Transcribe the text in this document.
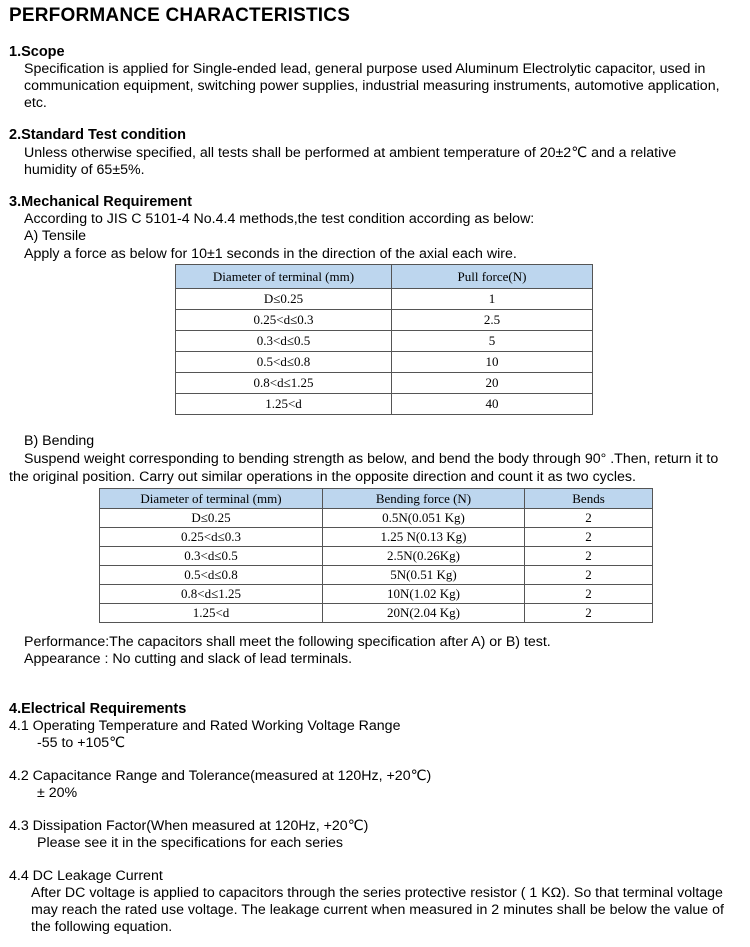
PERFORMANCE CHARACTERISTICS
1.Scope
Specification is applied for Single-ended lead, general purpose used Aluminum Electrolytic capacitor, used in
communication equipment, switching power supplies, industrial measuring instruments, automotive application,
etc.
2.Standard Test condition
Unless otherwise specified, all tests shall be performed at ambient temperature of 20±2℃ and a relative
humidity of 65±5%.
3.Mechanical Requirement
According to JIS C 5101-4 No.4.4 methods,the test condition according as below:
A) Tensile
Apply a force as below for 10±1 seconds in the direction of the axial each wire.
Diameter of terminal (mm)	Pull force(N)
D≤0.25	1
0.25<d≤0.3	2.5
0.3<d≤0.5	5
0.5<d≤0.8	10
0.8<d≤1.25	20
1.25<d	40
B) Bending
Suspend weight corresponding to bending strength as below, and bend the body through 90° .Then, return it to
the original position. Carry out similar operations in the opposite direction and count it as two cycles.
Diameter of terminal (mm)	Bending force (N)	Bends
D≤0.25	0.5N(0.051 Kg)	2
0.25<d≤0.3	1.25 N(0.13 Kg)	2
0.3<d≤0.5	2.5N(0.26Kg)	2
0.5<d≤0.8	5N(0.51 Kg)	2
0.8<d≤1.25	10N(1.02 Kg)	2
1.25<d	20N(2.04 Kg)	2
Performance:The capacitors shall meet the following specification after A) or B) test.
Appearance : No cutting and slack of lead terminals.
4.Electrical Requirements
4.1 Operating Temperature and Rated Working Voltage Range
-55 to +105℃
4.2 Capacitance Range and Tolerance(measured at 120Hz, +20℃)
± 20%
4.3 Dissipation Factor(When measured at 120Hz, +20℃)
Please see it in the specifications for each series
4.4 DC Leakage Current
After DC voltage is applied to capacitors through the series protective resistor ( 1 KΩ). So that terminal voltage
may reach the rated use voltage. The leakage current when measured in 2 minutes shall be below the value of
the following equation.
